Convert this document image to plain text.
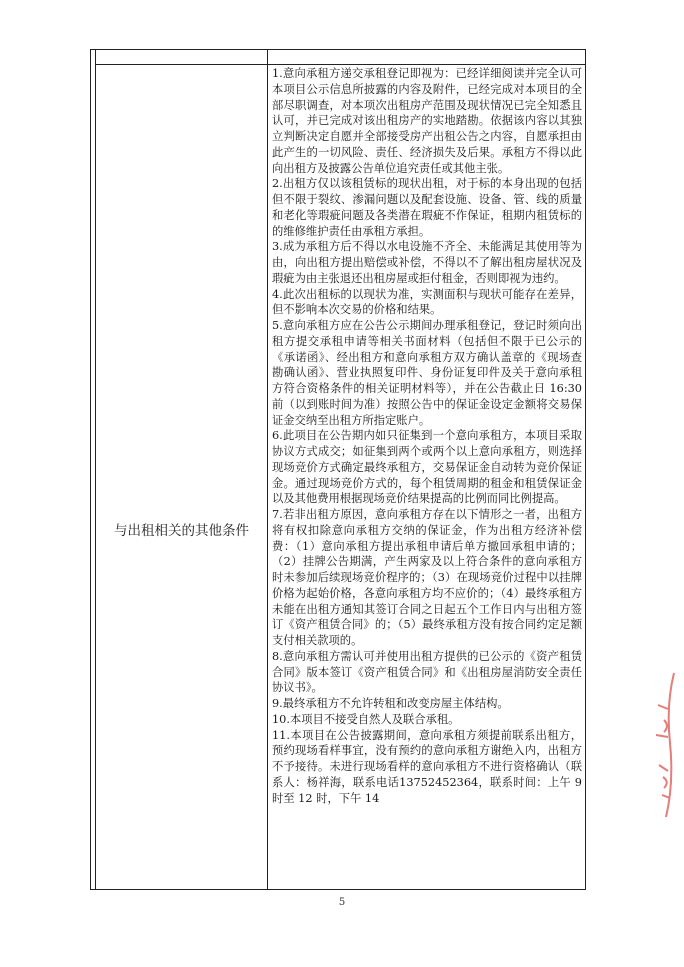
与出租相关的其他条件

1.意向承租方递交承租登记即视为：已经详细阅读并完全认可本项目公示信息所披露的内容及附件，已经完成对本项目的全部尽职调查，对本项次出租房产范围及现状情况已完全知悉且认可，并已完成对该出租房产的实地踏勘。依据该内容以其独立判断决定自愿并全部接受房产出租公告之内容，自愿承担由此产生的一切风险、责任、经济损失及后果。承租方不得以此向出租方及披露公告单位追究责任或其他主张。

2.出租方仅以该租赁标的现状出租，对于标的本身出现的包括但不限于裂纹、渗漏问题以及配套设施、设备、管、线的质量和老化等瑕疵问题及各类潜在瑕疵不作保证，租期内租赁标的的维修维护责任由承租方承担。

3.成为承租方后不得以水电设施不齐全、未能满足其使用等为由，向出租方提出赔偿或补偿，不得以不了解出租房屋状况及瑕疵为由主张退还出租房屋或拒付租金，否则即视为违约。

4.此次出租标的以现状为准，实测面积与现状可能存在差异，但不影响本次交易的价格和结果。

5.意向承租方应在公告公示期间办理承租登记，登记时须向出租方提交承租申请等相关书面材料（包括但不限于已公示的《承诺函》、经出租方和意向承租方双方确认盖章的《现场查勘确认函》、营业执照复印件、身份证复印件及关于意向承租方符合资格条件的相关证明材料等），并在公告截止日 16:30 前（以到账时间为准）按照公告中的保证金设定金额将交易保证金交纳至出租方所指定账户。

6.此项目在公告期内如只征集到一个意向承租方，本项目采取协议方式成交；如征集到两个或两个以上意向承租方，则选择现场竞价方式确定最终承租方，交易保证金自动转为竞价保证金。通过现场竞价方式的，每个租赁周期的租金和租赁保证金以及其他费用根据现场竞价结果提高的比例而同比例提高。

7.若非出租方原因，意向承租方存在以下情形之一者，出租方将有权扣除意向承租方交纳的保证金，作为出租方经济补偿费：（1）意向承租方提出承租申请后单方撤回承租申请的；（2）挂牌公告期满，产生两家及以上符合条件的意向承租方时未参加后续现场竞价程序的；（3）在现场竞价过程中以挂牌价格为起始价格，各意向承租方均不应价的；（4）最终承租方未能在出租方通知其签订合同之日起五个工作日内与出租方签订《资产租赁合同》的；（5）最终承租方没有按合同约定足额支付相关款项的。

8.意向承租方需认可并使用出租方提供的已公示的《资产租赁合同》版本签订《资产租赁合同》和《出租房屋消防安全责任协议书》。

9.最终承租方不允许转租和改变房屋主体结构。

10.本项目不接受自然人及联合承租。

11.本项目在公告披露期间，意向承租方须提前联系出租方，预约现场看样事宜，没有预约的意向承租方谢绝入内，出租方不予接待。未进行现场看样的意向承租方不进行资格确认（联系人：杨祥海，联系电话13752452364，联系时间：上午 9 时至 12 时，下午 14

5
